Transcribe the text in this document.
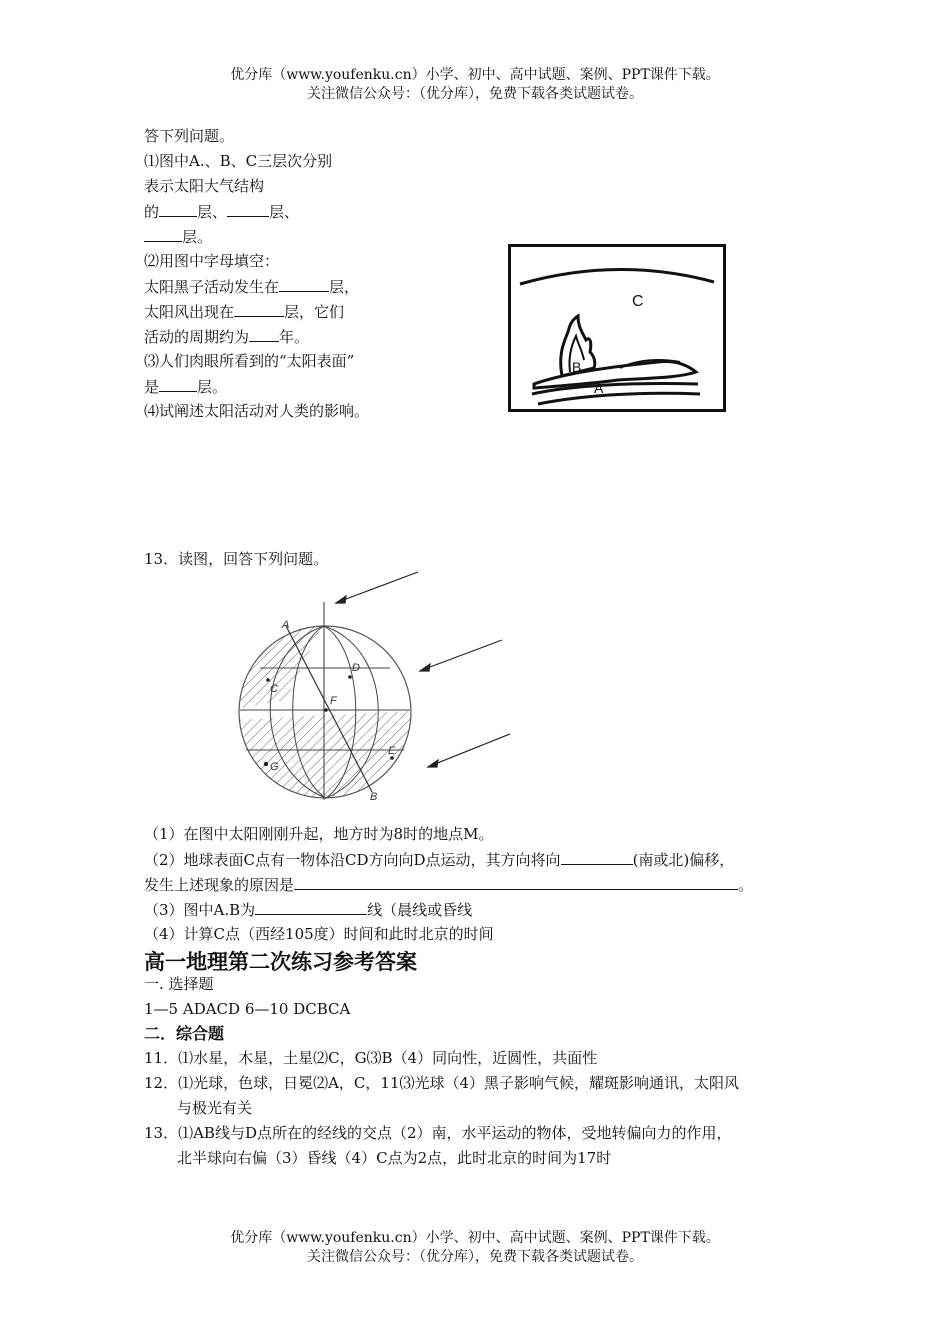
优分库（www.youfenku.cn）小学、初中、高中试题、案例、PPT课件下载。
关注微信公众号：（优分库），免费下载各类试题试卷。
答下列问题。
⑴图中A.、B、C三层次分别
表示太阳大气结构
的	层、	层、
层。
⑵用图中字母填空：
太阳黑子活动发生在	层，
太阳风出现在	层，它们
活动的周期约为 年。
⑶人们肉眼所看到的“太阳表面”
是	层。
⑷试阐述太阳活动对人类的影响。
C
B
A
13．读图，回答下列问题。
A
B
C
D
E
F
G
（1）在图中太阳刚刚升起，地方时为8时的地点M。
（2）地球表面C点有一物体沿CD方向向D点运动，其方向将向	(南或北)偏移，
发生上述现象的原因是	。
（3）图中A.B为	线（晨线或昏线
（4）计算C点（西经105度）时间和此时北京的时间
高一地理第二次练习参考答案
一. 选择题
1—5 ADACD 6—10 DCBCA
二．综合题
11．⑴水星，木星，土星⑵C，G⑶B（4）同向性，近圆性，共面性
12．⑴光球，色球，日冕⑵A，C，11⑶光球（4）黑子影响气候，耀斑影响通讯，太阳风
与极光有关
13．⑴AB线与D点所在的经线的交点（2）南，水平运动的物体，受地转偏向力的作用，
北半球向右偏（3）昏线（4）C点为2点，此时北京的时间为17时
优分库（www.youfenku.cn）小学、初中、高中试题、案例、PPT课件下载。
关注微信公众号：（优分库），免费下载各类试题试卷。
